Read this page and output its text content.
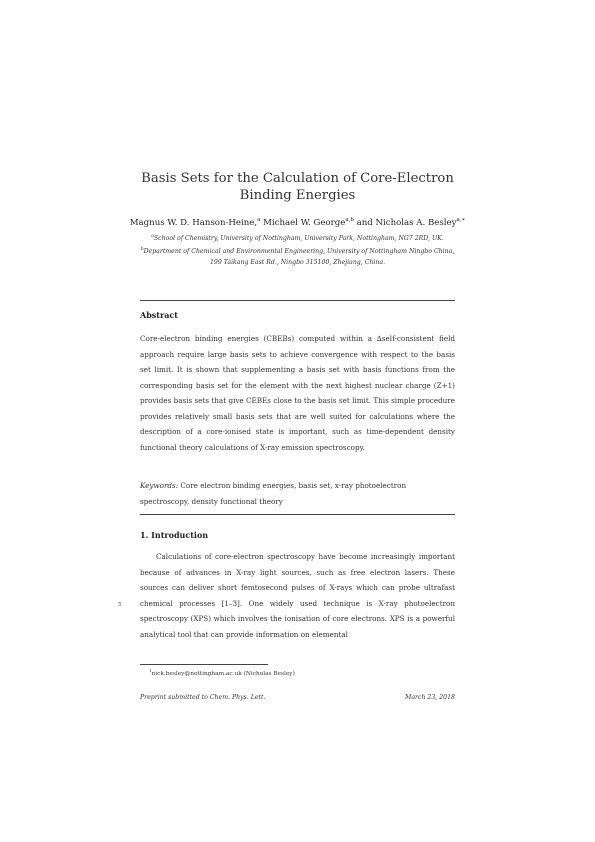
Basis Sets for the Calculation of Core-Electron Binding Energies
Magnus W. D. Hanson-Heine,$^a$ Michael W. George$^{a,b}$ and Nicholas A. Besley$^{a,∗}$
$^a$School of Chemistry, University of Nottingham, University Park, Nottingham, NG7 2RD, UK. $^b$Department of Chemical and Environmental Engineering, University of Nottingham Ningbo China, 199 Taikang East Rd., Ningbo 315100, Zhejiang, China.
Abstract
Core-electron binding energies (CBEBs) computed within a ∆self-consistent field approach require large basis sets to achieve convergence with respect to the basis set limit. It is shown that supplementing a basis set with basis functions from the corresponding basis set for the element with the next highest nuclear charge (Z+1) provides basis sets that give CEBEs close to the basis set limit. This simple procedure provides relatively small basis sets that are well suited for calculations where the description of a core-ionised state is important, such as time-dependent density functional theory calculations of X-ray emission spectroscopy.
Keywords: Core electron binding energies, basis set, x-ray photoelectron spectroscopy, density functional theory
1. Introduction
Calculations of core-electron spectroscopy have become increasingly important because of advances in X-ray light sources, such as free electron lasers. These sources can deliver short femtosecond pulses of X-rays which can probe ultrafast chemical processes [1–3]. One widely used technique is X-ray photoelectron spectroscopy (XPS) which involves the ionisation of core electrons. XPS is a powerful analytical tool that can provide information on elemental
5
$^1$nick.besley@nottingham.ac.uk (Nicholas Besley)
Preprint submitted to Chem. Phys. Lett.	March 23, 2018
